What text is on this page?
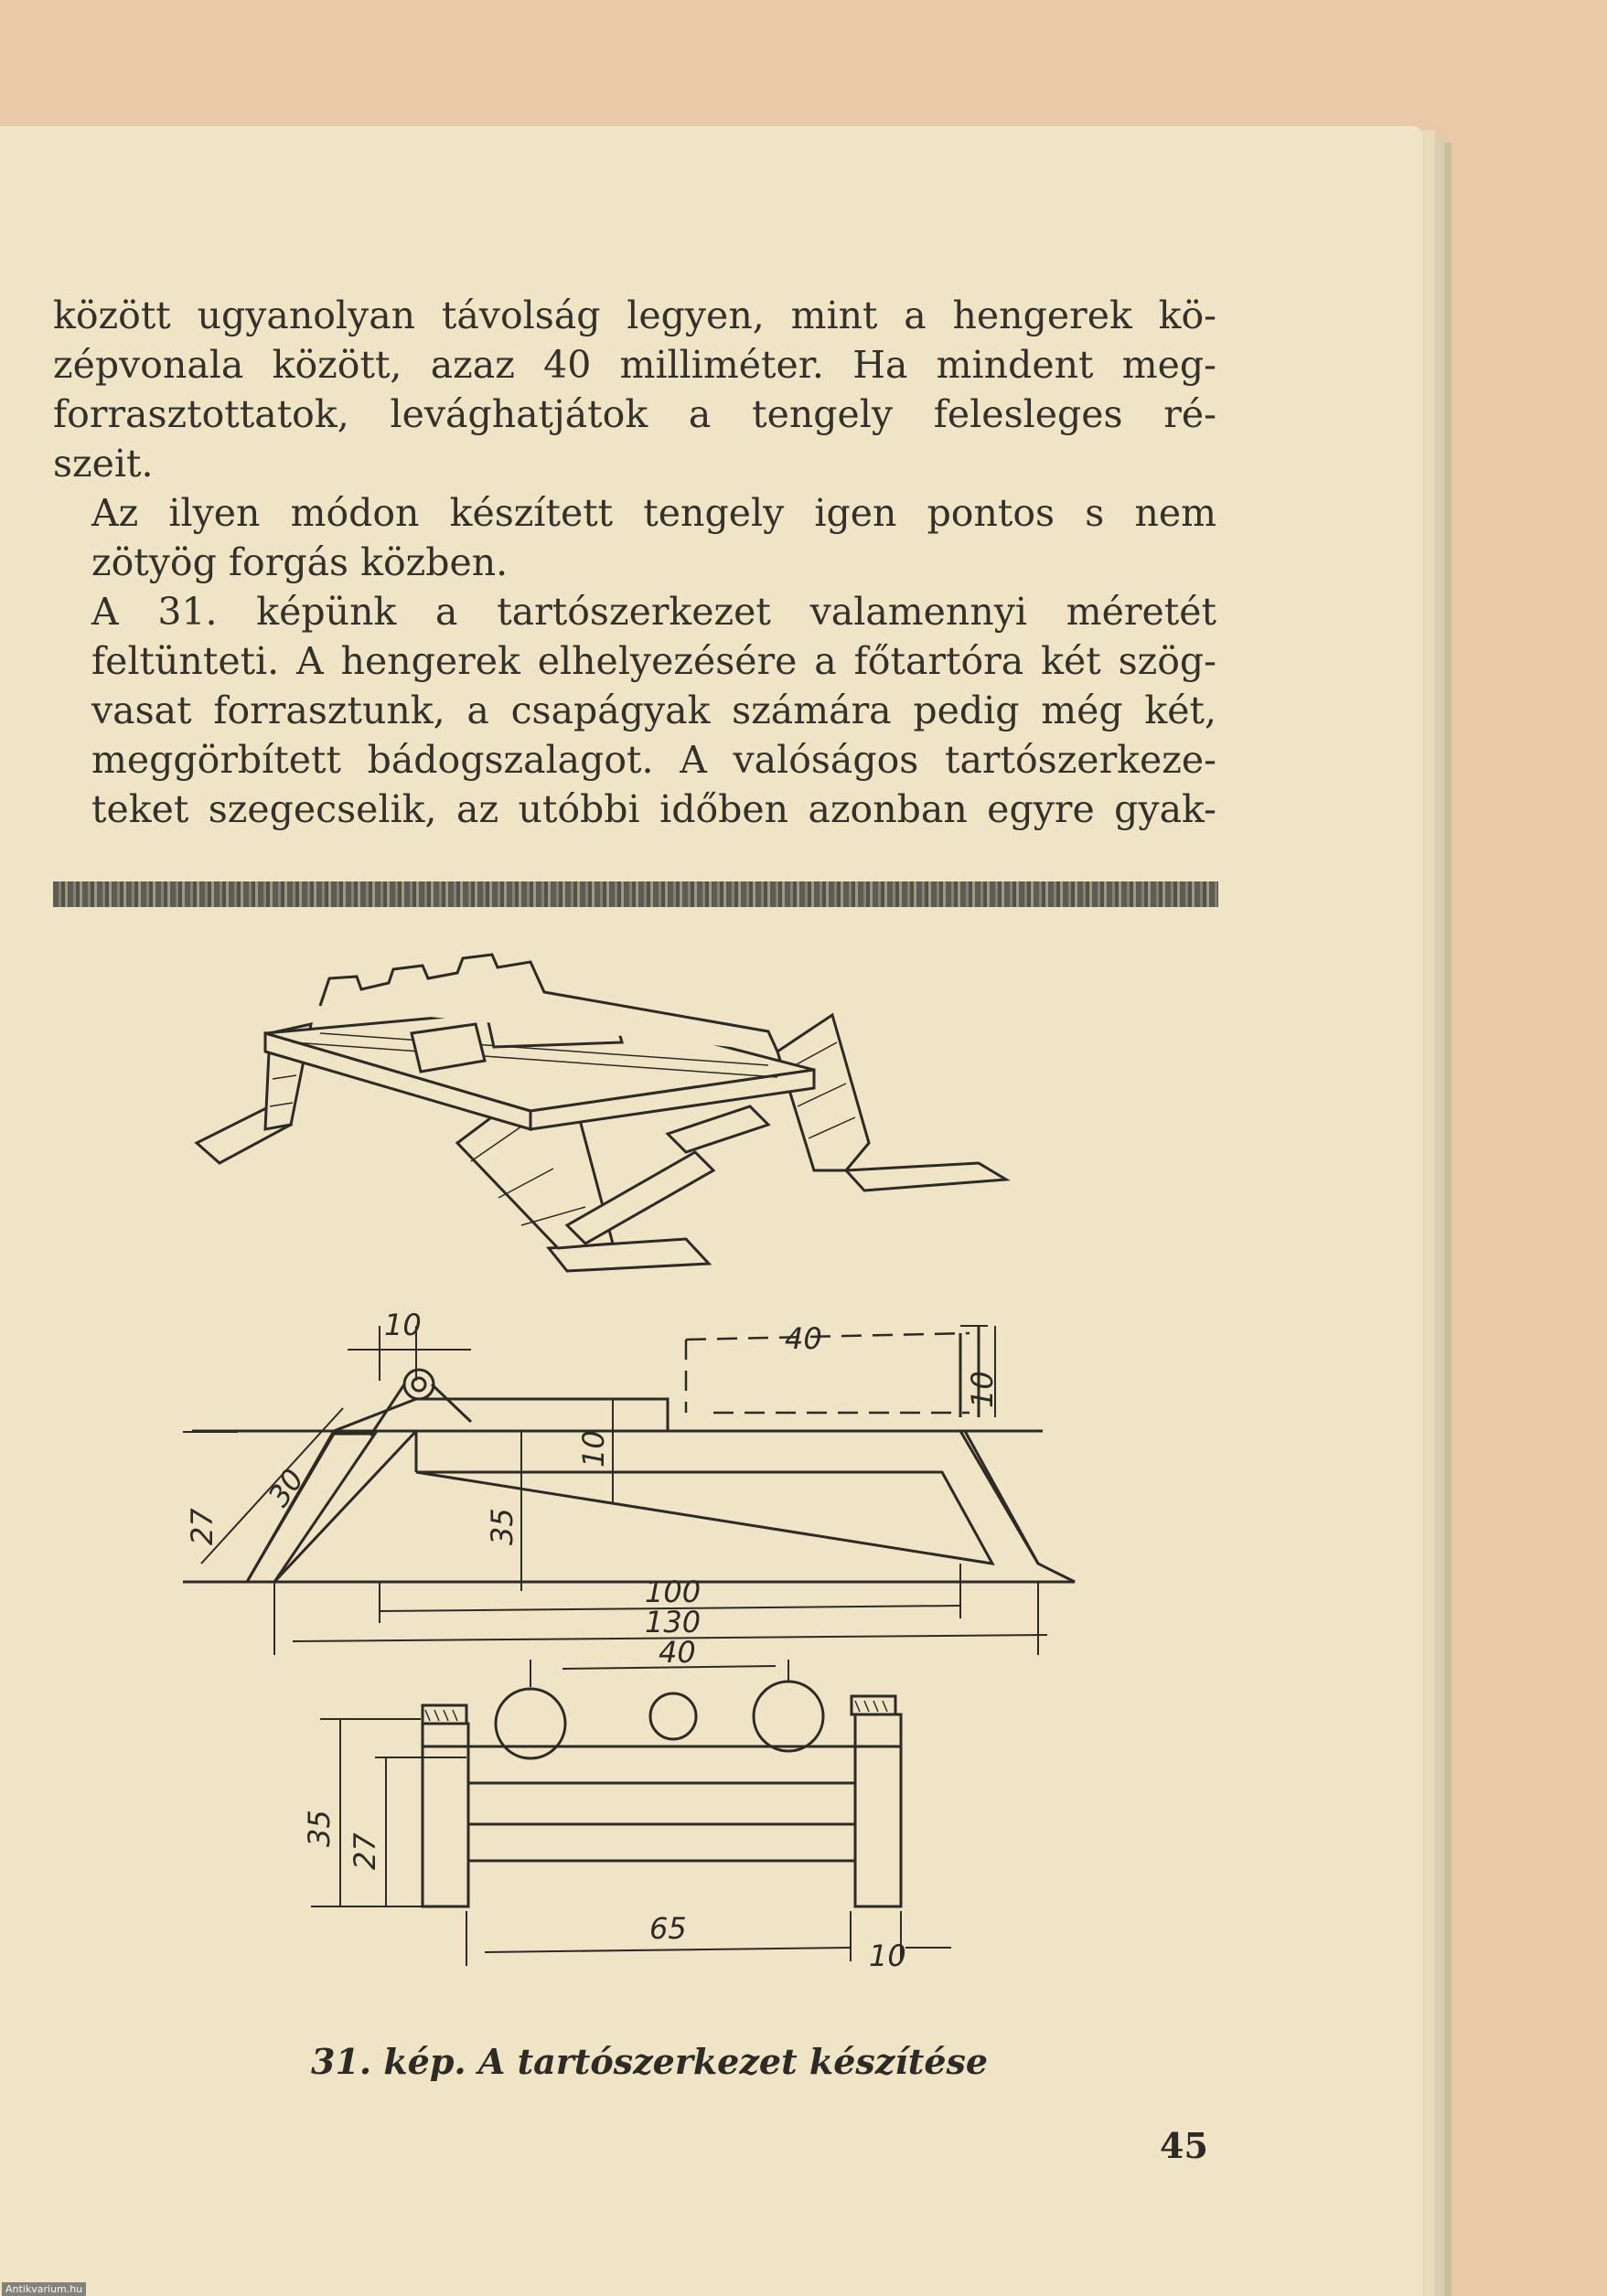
között ugyanolyan távolság legyen, mint a hengerek kö-
zépvonala között, azaz 40 milliméter. Ha mindent meg-
forrasztottatok, levághatjátok a tengely felesleges ré-
szeit.

Az ilyen módon készített tengely igen pontos s nem
zötyög forgás közben.

A 31. képünk a tartószerkezet valamennyi méretét
feltünteti. A hengerek elhelyezésére a főtartóra két szög-
vasat forrasztunk, a csapágyak számára pedig még két,
meggörbített bádogszalagot. A valóságos tartószerkeze-
teket szegecselik, az utóbbi időben azonban egyre gyak-

10	40
10
10
27
30
35
100
130
40
35
27
65
10
31. kép. A tartószerkezet készítése
45
Antikvarium.hu
